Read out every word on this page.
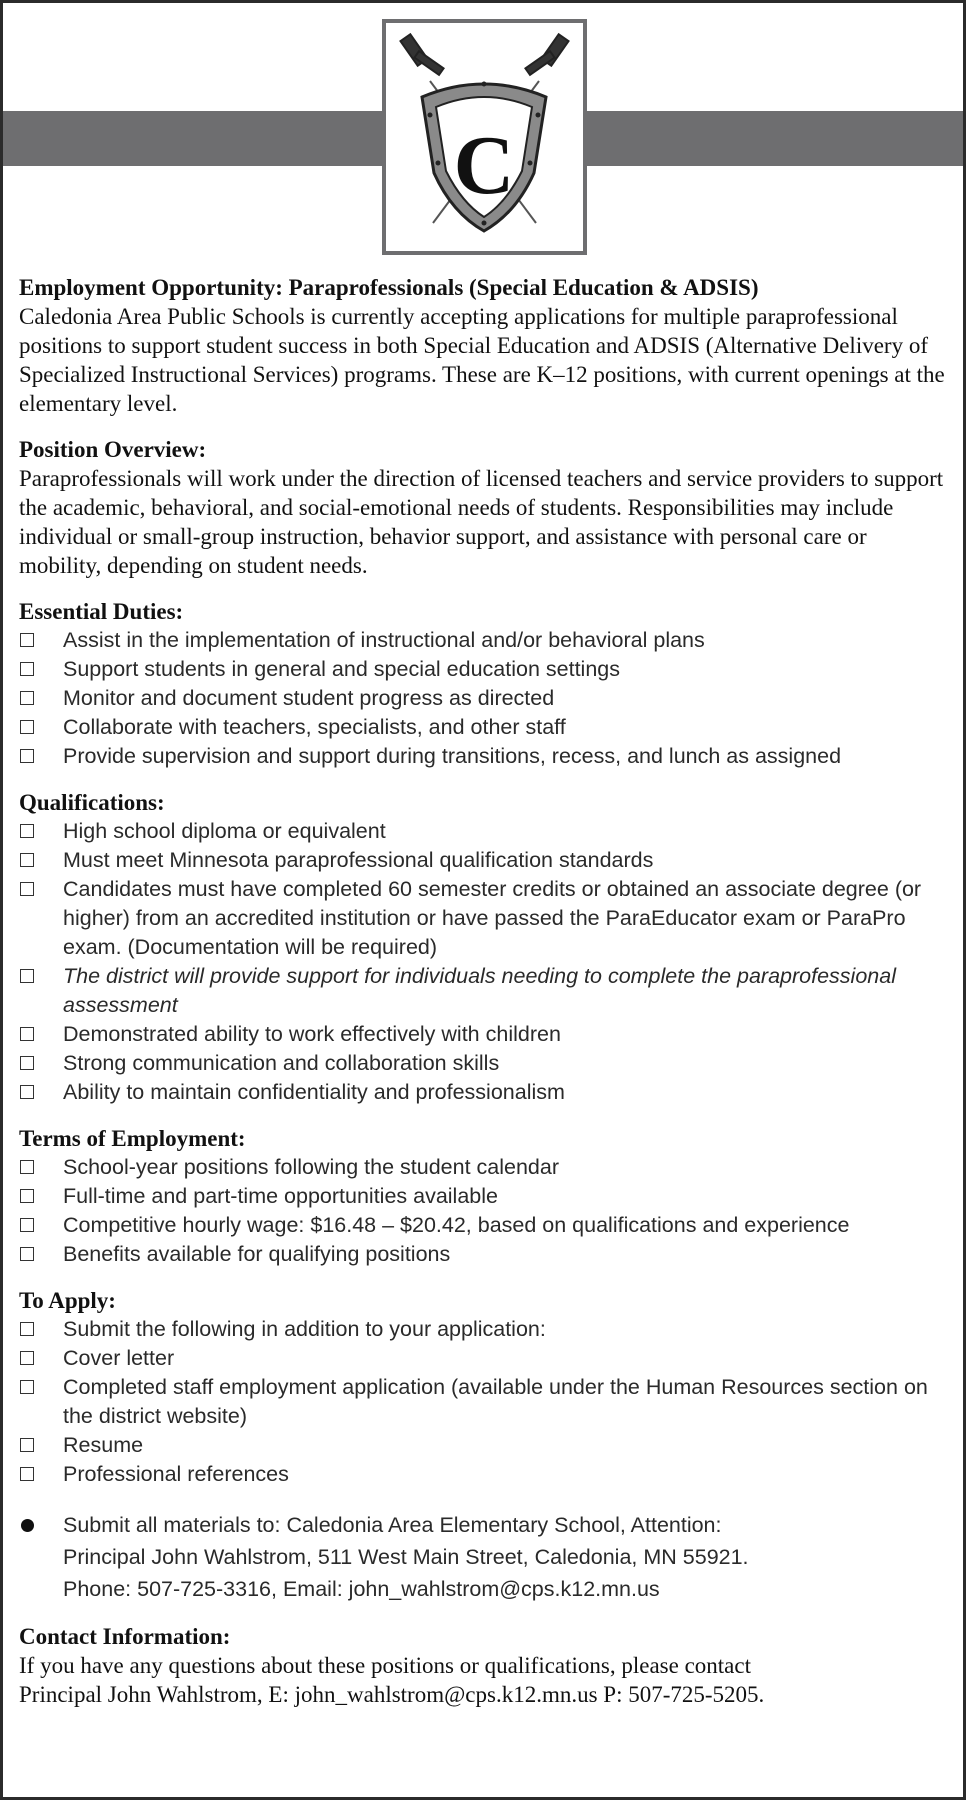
C
Employment Opportunity: Paraprofessionals (Special Education & ADSIS)

Caledonia Area Public Schools is currently accepting applications for multiple paraprofessional positions to support student success in both Special Education and ADSIS (Alternative Delivery of Specialized Instructional Services) programs. These are K–12 positions, with current openings at the elementary level.

Position Overview:

Paraprofessionals will work under the direction of licensed teachers and service providers to support the academic, behavioral, and social-emotional needs of students. Responsibilities may include individual or small-group instruction, behavior support, and assistance with personal care or mobility, depending on student needs.

Essential Duties:
Assist in the implementation of instructional and/or behavioral plans
Support students in general and special education settings
Monitor and document student progress as directed
Collaborate with teachers, specialists, and other staff
Provide supervision and support during transitions, recess, and lunch as assigned
Qualifications:
High school diploma or equivalent
Must meet Minnesota paraprofessional qualification standards
Candidates must have completed 60 semester credits or obtained an associate degree (or higher) from an accredited institution or have passed the ParaEducator exam or ParaPro exam. (Documentation will be required)
The district will provide support for individuals needing to complete the paraprofessional assessment
Demonstrated ability to work effectively with children
Strong communication and collaboration skills
Ability to maintain confidentiality and professionalism
Terms of Employment:
School-year positions following the student calendar
Full-time and part-time opportunities available
Competitive hourly wage: $16.48 – $20.42, based on qualifications and experience
Benefits available for qualifying positions
To Apply:
Submit the following in addition to your application:
Cover letter
Completed staff employment application (available under the Human Resources section on the district website)
Resume
Professional references
Submit all materials to: Caledonia Area Elementary School, Attention:
Principal John Wahlstrom, 511 West Main Street, Caledonia, MN 55921.
Phone: 507-725-3316, Email: john_wahlstrom@cps.k12.mn.us
Contact Information:
If you have any questions about these positions or qualifications, please contact
Principal John Wahlstrom, E: john_wahlstrom@cps.k12.mn.us P: 507-725-5205.
